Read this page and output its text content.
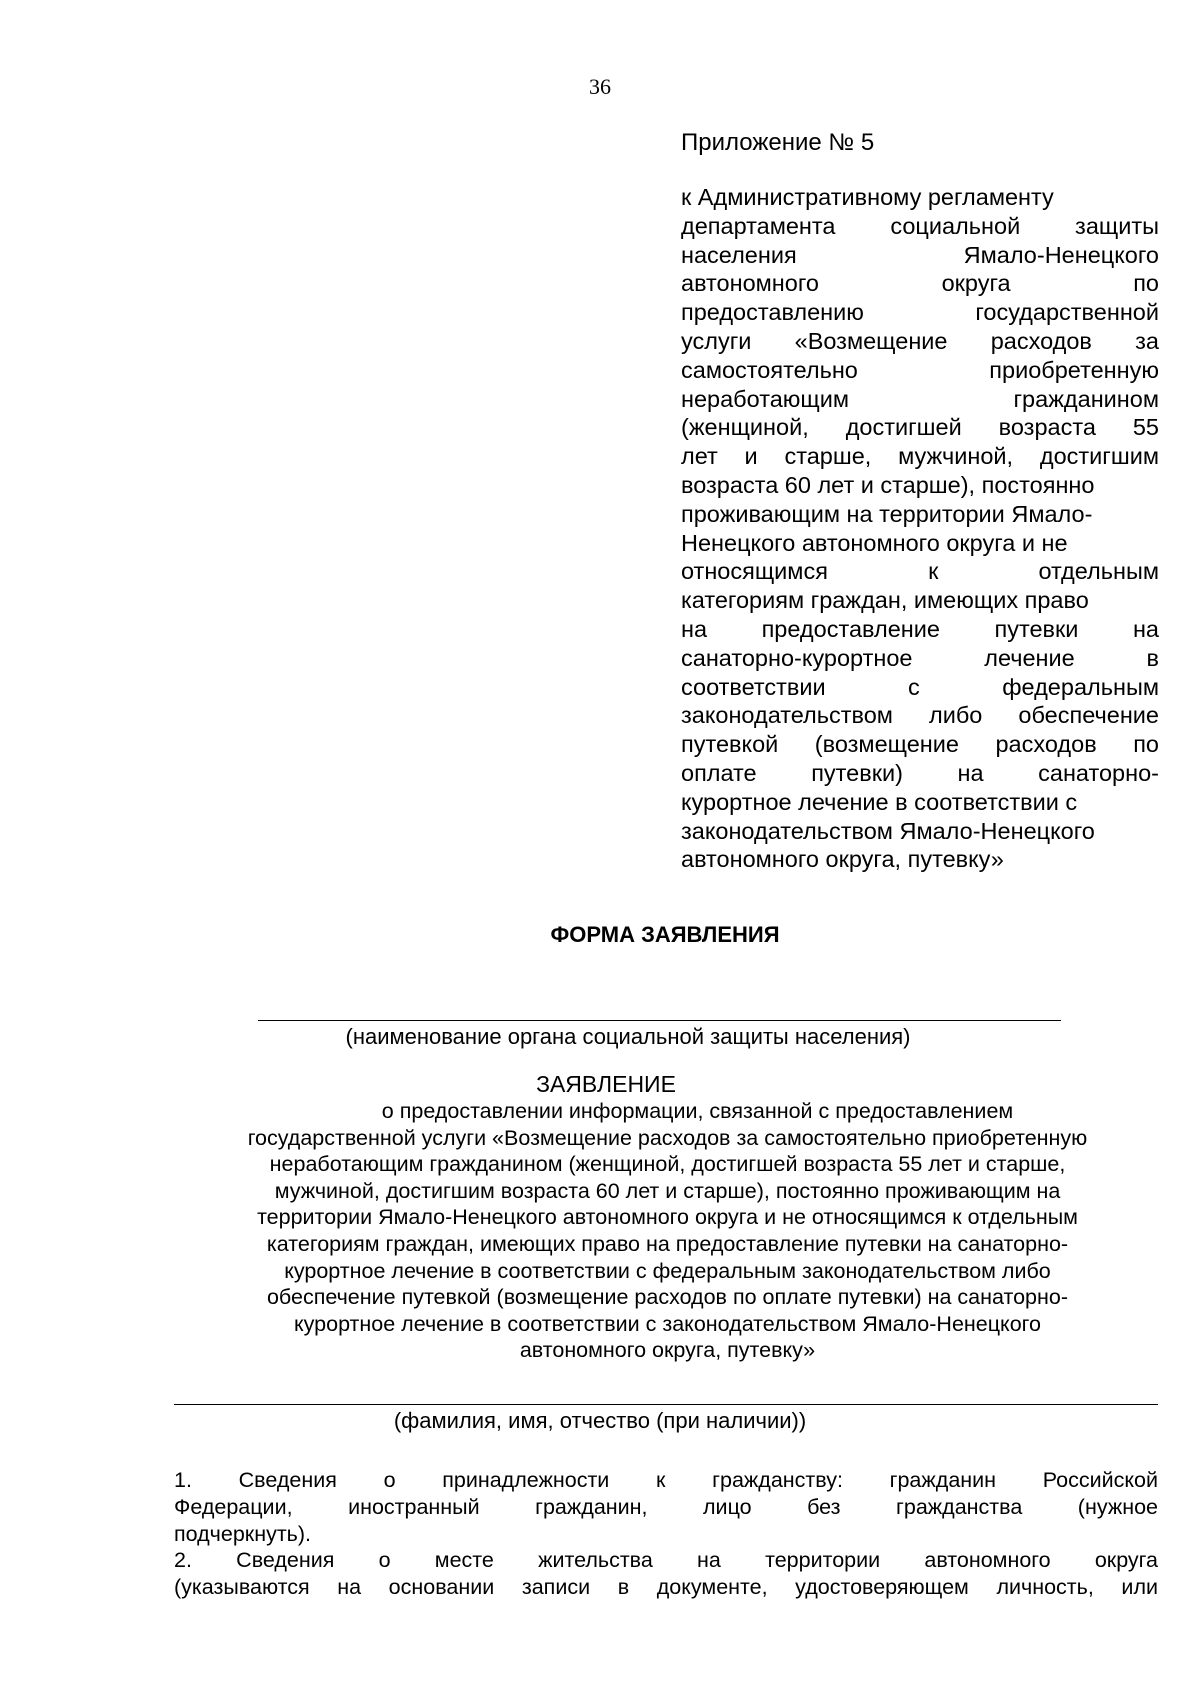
36
Приложение № 5
к Административному регламенту
департамента социальной защиты
населения Ямало-Ненецкого
автономного округа по
предоставлению государственной
услуги «Возмещение расходов за
самостоятельно приобретенную
неработающим гражданином
(женщиной, достигшей возраста 55
лет и старше, мужчиной, достигшим
возраста 60 лет и старше), постоянно
проживающим на территории Ямало-
Ненецкого автономного округа и не
относящимся к отдельным
категориям граждан, имеющих право
на предоставление путевки на
санаторно-курортное лечение в
соответствии с федеральным
законодательством либо обеспечение
путевкой (возмещение расходов по
оплате путевки) на санаторно-
курортное лечение в соответствии с
законодательством Ямало-Ненецкого
автономного округа, путевку»
ФОРМА ЗАЯВЛЕНИЯ
(наименование органа социальной защиты населения)
ЗАЯВЛЕНИЕ
о предоставлении информации, связанной с предоставлением
государственной услуги «Возмещение расходов за самостоятельно приобретенную
неработающим гражданином (женщиной, достигшей возраста 55 лет и старше,
мужчиной, достигшим возраста 60 лет и старше), постоянно проживающим на
территории Ямало-Ненецкого автономного округа и не относящимся к отдельным
категориям граждан, имеющих право на предоставление путевки на санаторно-
курортное лечение в соответствии с федеральным законодательством либо
обеспечение путевкой (возмещение расходов по оплате путевки) на санаторно-
курортное лечение в соответствии с законодательством Ямало-Ненецкого
автономного округа, путевку»
(фамилия, имя, отчество (при наличии))
1. Сведения о принадлежности к гражданству: гражданин Российской
Федерации, иностранный гражданин, лицо без гражданства (нужное
подчеркнуть).
2. Сведения о месте жительства на территории автономного округа
(указываются на основании записи в документе, удостоверяющем личность, или
